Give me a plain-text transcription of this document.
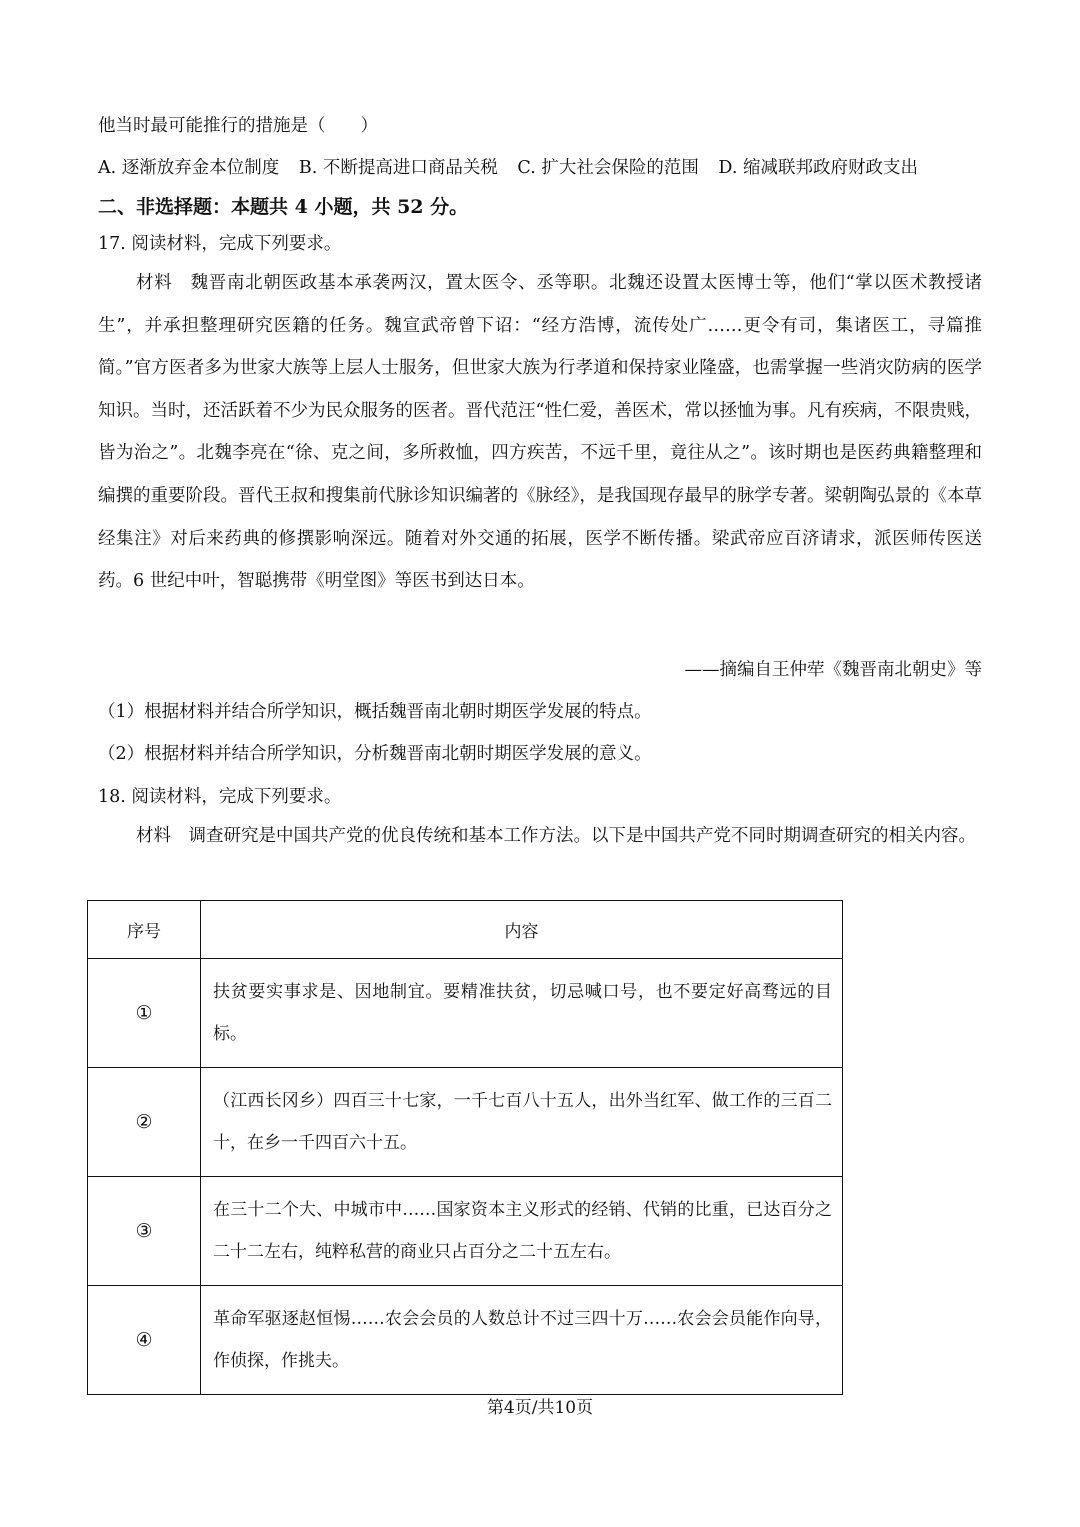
他当时最可能推行的措施是（　　）
A. 逐渐放弃金本位制度 B. 不断提高进口商品关税 C. 扩大社会保险的范围 D. 缩减联邦政府财政支出
二、非选择题：本题共 4 小题，共 52 分。
17. 阅读材料，完成下列要求。
材料　魏晋南北朝医政基本承袭两汉，置太医令、丞等职。北魏还设置太医博士等，他们“掌以医术教授诸生”，并承担整理研究医籍的任务。魏宣武帝曾下诏：“经方浩博，流传处广……更令有司，集诸医工，寻篇推简。”官方医者多为世家大族等上层人士服务，但世家大族为行孝道和保持家业隆盛，也需掌握一些消灾防病的医学知识。当时，还活跃着不少为民众服务的医者。晋代范汪“性仁爱，善医术，常以拯恤为事。凡有疾病，不限贵贱，皆为治之”。北魏李亮在“徐、克之间，多所救恤，四方疾苦，不远千里，竟往从之”。该时期也是医药典籍整理和编撰的重要阶段。晋代王叔和搜集前代脉诊知识编著的《脉经》，是我国现存最早的脉学专著。梁朝陶弘景的《本草经集注》对后来药典的修撰影响深远。随着对外交通的拓展，医学不断传播。梁武帝应百济请求，派医师传医送药。6 世纪中叶，智聪携带《明堂图》等医书到达日本。
——摘编自王仲荦《魏晋南北朝史》等
（1）根据材料并结合所学知识，概括魏晋南北朝时期医学发展的特点。
（2）根据材料并结合所学知识，分析魏晋南北朝时期医学发展的意义。
18. 阅读材料，完成下列要求。
材料　调查研究是中国共产党的优良传统和基本工作方法。以下是中国共产党不同时期调查研究的相关内容。
序号	内容
①	扶贫要实事求是、因地制宜。要精准扶贫，切忌喊口号，也不要定好高骛远的目标。
②	（江西长冈乡）四百三十七家，一千七百八十五人，出外当红军、做工作的三百二十，在乡一千四百六十五。
③	在三十二个大、中城市中……国家资本主义形式的经销、代销的比重，已达百分之二十二左右，纯粹私营的商业只占百分之二十五左右。
④	革命军驱逐赵恒惕……农会会员的人数总计不过三四十万……农会会员能作向导，作侦探，作挑夫。
第4页/共10页
